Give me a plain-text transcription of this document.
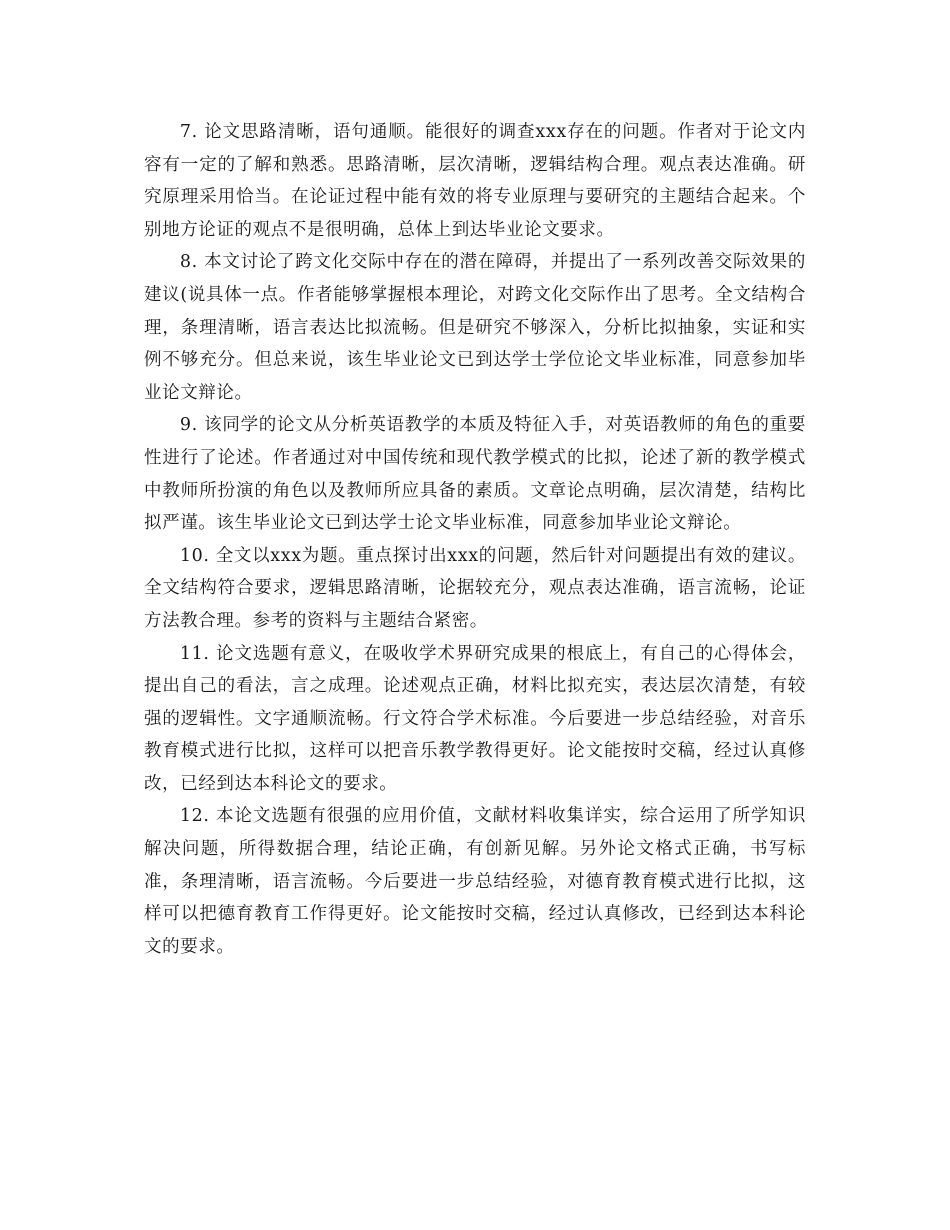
7. 论文思路清晰，语句通顺。能很好的调查xxx存在的问题。作者对于论文内容有一定的了解和熟悉。思路清晰，层次清晰，逻辑结构合理。观点表达准确。研究原理采用恰当。在论证过程中能有效的将专业原理与要研究的主题结合起来。个别地方论证的观点不是很明确，总体上到达毕业论文要求。

8. 本文讨论了跨文化交际中存在的潜在障碍，并提出了一系列改善交际效果的建议(说具体一点。作者能够掌握根本理论，对跨文化交际作出了思考。全文结构合理，条理清晰，语言表达比拟流畅。但是研究不够深入，分析比拟抽象，实证和实例不够充分。但总来说，该生毕业论文已到达学士学位论文毕业标准，同意参加毕业论文辩论。

9. 该同学的论文从分析英语教学的本质及特征入手，对英语教师的角色的重要性进行了论述。作者通过对中国传统和现代教学模式的比拟，论述了新的教学模式中教师所扮演的角色以及教师所应具备的素质。文章论点明确，层次清楚，结构比拟严谨。该生毕业论文已到达学士论文毕业标准，同意参加毕业论文辩论。

10. 全文以xxx为题。重点探讨出xxx的问题，然后针对问题提出有效的建议。全文结构符合要求，逻辑思路清晰，论据较充分，观点表达准确，语言流畅，论证方法教合理。参考的资料与主题结合紧密。

11. 论文选题有意义，在吸收学术界研究成果的根底上，有自己的心得体会，提出自己的看法，言之成理。论述观点正确，材料比拟充实，表达层次清楚，有较强的逻辑性。文字通顺流畅。行文符合学术标准。今后要进一步总结经验，对音乐教育模式进行比拟，这样可以把音乐教学教得更好。论文能按时交稿，经过认真修改，已经到达本科论文的要求。

12. 本论文选题有很强的应用价值，文献材料收集详实，综合运用了所学知识解决问题，所得数据合理，结论正确，有创新见解。另外论文格式正确，书写标准，条理清晰，语言流畅。今后要进一步总结经验，对德育教育模式进行比拟，这样可以把德育教育工作得更好。论文能按时交稿，经过认真修改，已经到达本科论文的要求。
